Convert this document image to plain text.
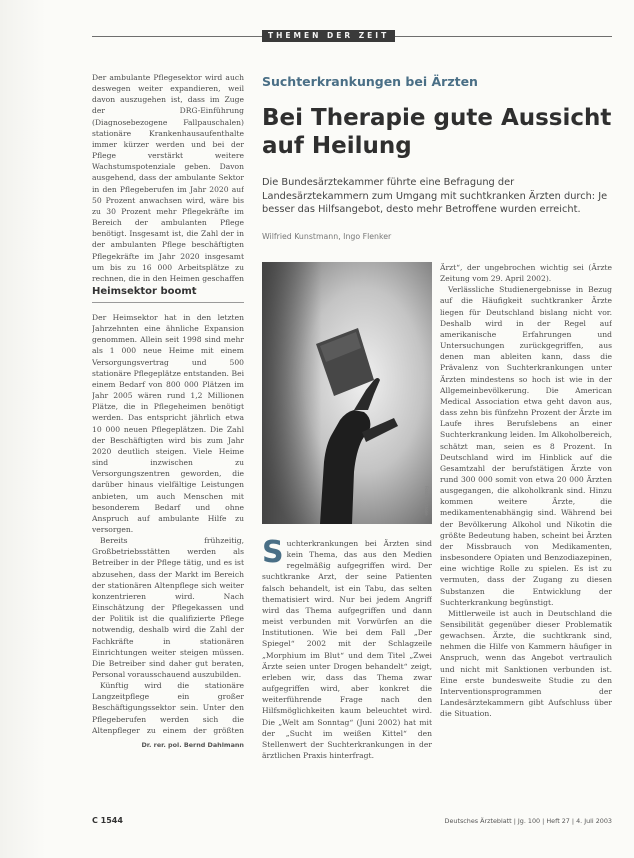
THEMEN DER ZEIT

Der ambulante Pflegesektor wird auch deswegen weiter expandieren, weil davon auszugehen ist, dass im Zuge der DRG-Einführung (Diagnosebezogene Fallpauschalen) stationäre Krankenhausaufenthalte immer kürzer werden und bei der Pflege verstärkt weitere Wachstumspotenziale geben. Davon ausgehend, dass der ambulante Sektor in den Pflegeberufen im Jahr 2020 auf 50 Prozent anwachsen wird, wäre bis zu 30 Prozent mehr Pflegekräfte im Bereich der ambulanten Pflege benötigt. Insgesamt ist, die Zahl der in der ambulanten Pflege beschäftigten Pflegekräfte im Jahr 2020 insgesamt um bis zu 16 000 Arbeitsplätze zu rechnen, die in den Heimen geschaffen

Heimsektor boomt

Der Heimsektor hat in den letzten Jahrzehnten eine ähnliche Expansion genommen. Allein seit 1998 sind mehr als 1 000 neue Heime mit einem Versorgungsvertrag und 500 stationäre Pflegeplätze entstanden. Bei einem Bedarf von 800 000 Plätzen im Jahr 2005 wären rund 1,2 Millionen Plätze, die in Pflegeheimen benötigt werden. Das entspricht jährlich etwa 10 000 neuen Pflegeplätzen. Die Zahl der Beschäftigten wird bis zum Jahr 2020 deutlich steigen. Viele Heime sind inzwischen zu Versorgungszentren geworden, die darüber hinaus vielfältige Leistungen anbieten, um auch Menschen mit besonderem Bedarf und ohne Anspruch auf ambulante Hilfe zu versorgen.

Bereits frühzeitig, Großbetriebsstätten werden als Betreiber in der Pflege tätig, und es ist abzusehen, dass der Markt im Bereich der stationären Altenpflege sich weiter konzentrieren wird. Nach Einschätzung der Pflegekassen und der Politik ist die qualifizierte Pflege notwendig, deshalb wird die Zahl der Fachkräfte in stationären Einrichtungen weiter steigen müssen. Die Betreiber sind daher gut beraten, Personal vorausschauend auszubilden.

Künftig wird die stationäre Langzeitpflege ein großer Beschäftigungssektor sein. Unter den Pflegeberufen werden sich die Altenpfleger zu einem der größten

Dr. rer. pol. Bernd Dahlmann
Suchterkrankungen bei Ärzten
Bei Therapie gute Aussicht
auf Heilung
Die Bundesärztekammer führte eine Befragung der Landesärztekammern zum Umgang mit suchtkranken Ärzten durch: Je besser das Hilfsangebot, desto mehr Betroffene wurden erreicht.
Wilfried Kunstmann, Ingo Flenker
Foto: Keystone
S uchterkrankungen bei Ärzten sind kein Thema, das aus den Medien regelmäßig aufgegriffen wird. Der suchtkranke Arzt, der seine Patienten falsch behandelt, ist ein Tabu, das selten thematisiert wird. Nur bei jedem Angriff wird das Thema aufgegriffen und dann meist verbunden mit Vorwürfen an die Institutionen. Wie bei dem Fall „Der Spiegel“ 2002 mit der Schlagzeile „Morphium im Blut“ und dem Titel „Zwei Ärzte seien unter Drogen behandelt“ zeigt, erleben wir, dass das Thema zwar aufgegriffen wird, aber konkret die weiterführende Frage nach den Hilfsmöglichkeiten kaum beleuchtet wird. Die „Welt am Sonntag“ (Juni 2002) hat mit der „Sucht im weißen Kittel“ den Stellenwert der Suchterkrankungen in der ärztlichen Praxis hinterfragt.

Ärzt“, der ungebrochen wichtig sei (Ärzte Zeitung vom 29. April 2002).

Verlässliche Studienergebnisse in Bezug auf die Häufigkeit suchtkranker Ärzte liegen für Deutschland bislang nicht vor. Deshalb wird in der Regel auf amerikanische Erfahrungen und Untersuchungen zurückgegriffen, aus denen man ableiten kann, dass die Prävalenz von Suchterkrankungen unter Ärzten mindestens so hoch ist wie in der Allgemeinbevölkerung. Die American Medical Association etwa geht davon aus, dass zehn bis fünfzehn Prozent der Ärzte im Laufe ihres Berufslebens an einer Suchterkrankung leiden. Im Alkoholbereich, schätzt man, seien es 8 Prozent. In Deutschland wird im Hinblick auf die Gesamtzahl der berufstätigen Ärzte von rund 300 000 somit von etwa 20 000 Ärzten ausgegangen, die alkoholkrank sind. Hinzu kommen weitere Ärzte, die medikamentenabhängig sind. Während bei der Bevölkerung Alkohol und Nikotin die größte Bedeutung haben, scheint bei Ärzten der Missbrauch von Medikamenten, insbesondere Opiaten und Benzodiazepinen, eine wichtige Rolle zu spielen. Es ist zu vermuten, dass der Zugang zu diesen Substanzen die Entwicklung der Suchterkrankung begünstigt.

Mittlerweile ist auch in Deutschland die Sensibilität gegenüber dieser Problematik gewachsen. Ärzte, die suchtkrank sind, nehmen die Hilfe von Kammern häufiger in Anspruch, wenn das Angebot vertraulich und nicht mit Sanktionen verbunden ist. Eine erste bundesweite Studie zu den Interventionsprogrammen der Landesärztekammern gibt Aufschluss über die Situation.

C 1544	Deutsches Ärzteblatt | Jg. 100 | Heft 27 | 4. Juli 2003
